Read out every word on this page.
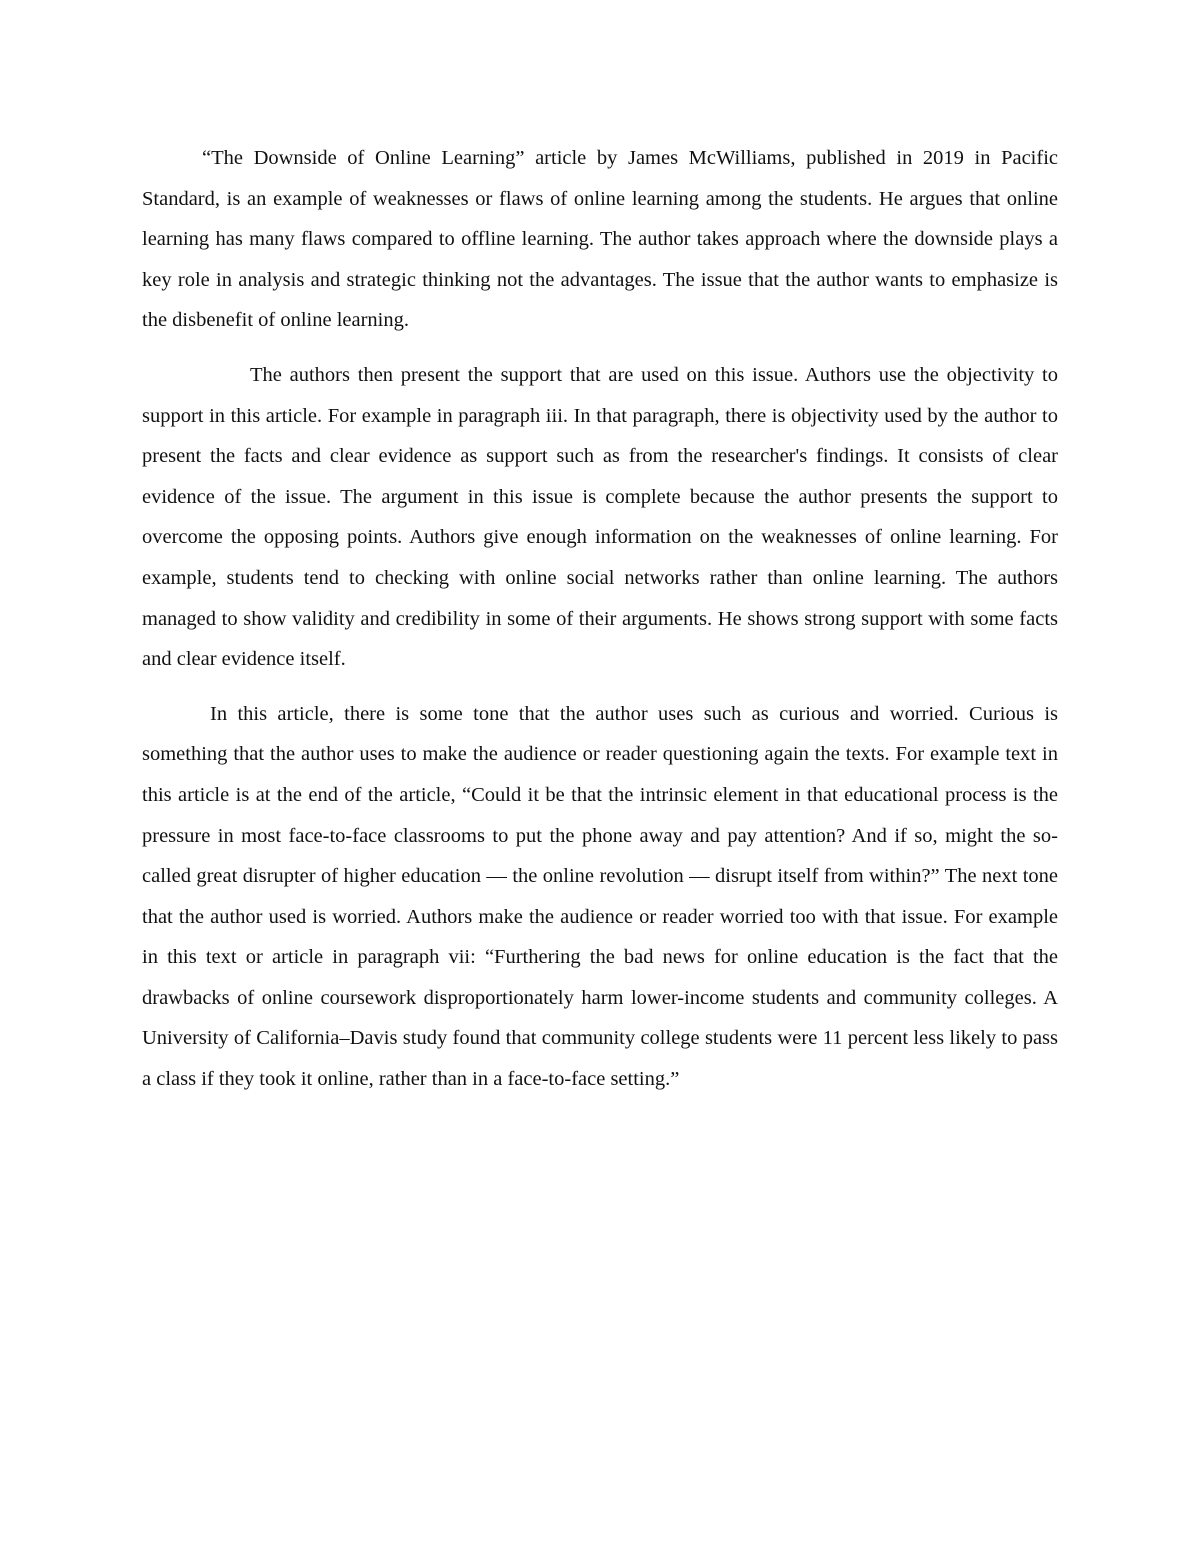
“The Downside of Online Learning” article by James McWilliams, published in 2019 in Pacific Standard, is an example of weaknesses or flaws of online learning among the students. He argues that online learning has many flaws compared to offline learning. The author takes approach where the downside plays a key role in analysis and strategic thinking not the advantages. The issue that the author wants to emphasize is the disbenefit of online learning.

The authors then present the support that are used on this issue. Authors use the objectivity to support in this article. For example in paragraph iii. In that paragraph, there is objectivity used by the author to present the facts and clear evidence as support such as from the researcher's findings. It consists of clear evidence of the issue. The argument in this issue is complete because the author presents the support to overcome the opposing points. Authors give enough information on the weaknesses of online learning. For example, students tend to checking with online social networks rather than online learning. The authors managed to show validity and credibility in some of their arguments. He shows strong support with some facts and clear evidence itself.

In this article, there is some tone that the author uses such as curious and worried. Curious is something that the author uses to make the audience or reader questioning again the texts. For example text in this article is at the end of the article, “Could it be that the intrinsic element in that educational process is the pressure in most face-to-face classrooms to put the phone away and pay attention? And if so, might the so-called great disrupter of higher education — the online revolution — disrupt itself from within?” The next tone that the author used is worried. Authors make the audience or reader worried too with that issue. For example in this text or article in paragraph vii: “Furthering the bad news for online education is the fact that the drawbacks of online coursework disproportionately harm lower-income students and community colleges. A University of California–Davis study found that community college students were 11 percent less likely to pass a class if they took it online, rather than in a face-to-face setting.”
